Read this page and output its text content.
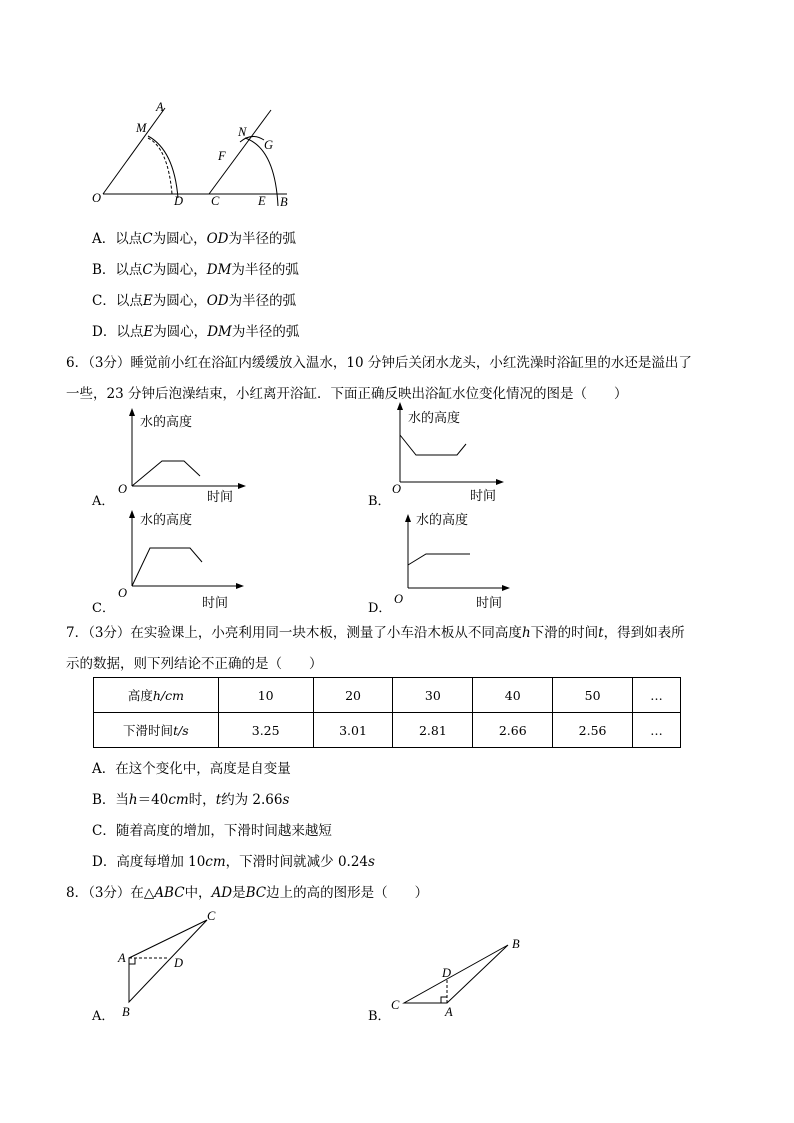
A
M	N
G
F
O	D C	E B
A．以点C为圆心，OD为半径的弧
B．以点C为圆心，DM为半径的弧
C．以点E为圆心，OD为半径的弧
D．以点E为圆心，DM为半径的弧
6．（3分）睡觉前小红在浴缸内缓缓放入温水，10 分钟后关闭水龙头，小红洗澡时浴缸里的水还是溢出了
一些，23 分钟后泡澡结束，小红离开浴缸．下面正确反映出浴缸水位变化情况的图是（　　）
A．
水的高度
时间
O
B．
水的高度
时间
O
C．
水的高度
时间
O
D．
水的高度
时间
O
7．（3分）在实验课上，小亮利用同一块木板，测量了小车沿木板从不同高度h下滑的时间t，得到如表所
示的数据，则下列结论不正确的是（　　）
高度h/cm	10	20	30	40	50	…
下滑时间t/s	3.25	3.01	2.81	2.66	2.56	…
A．在这个变化中，高度是自变量
B．当h＝40cm时，t约为 2.66s
C．随着高度的增加，下滑时间越来越短
D．高度每增加 10cm，下滑时间就减少 0.24s
8．（3分）在△ABC中，AD是BC边上的高的图形是（　　）
A．
C
A	D
B	B．
B
D
C	A
